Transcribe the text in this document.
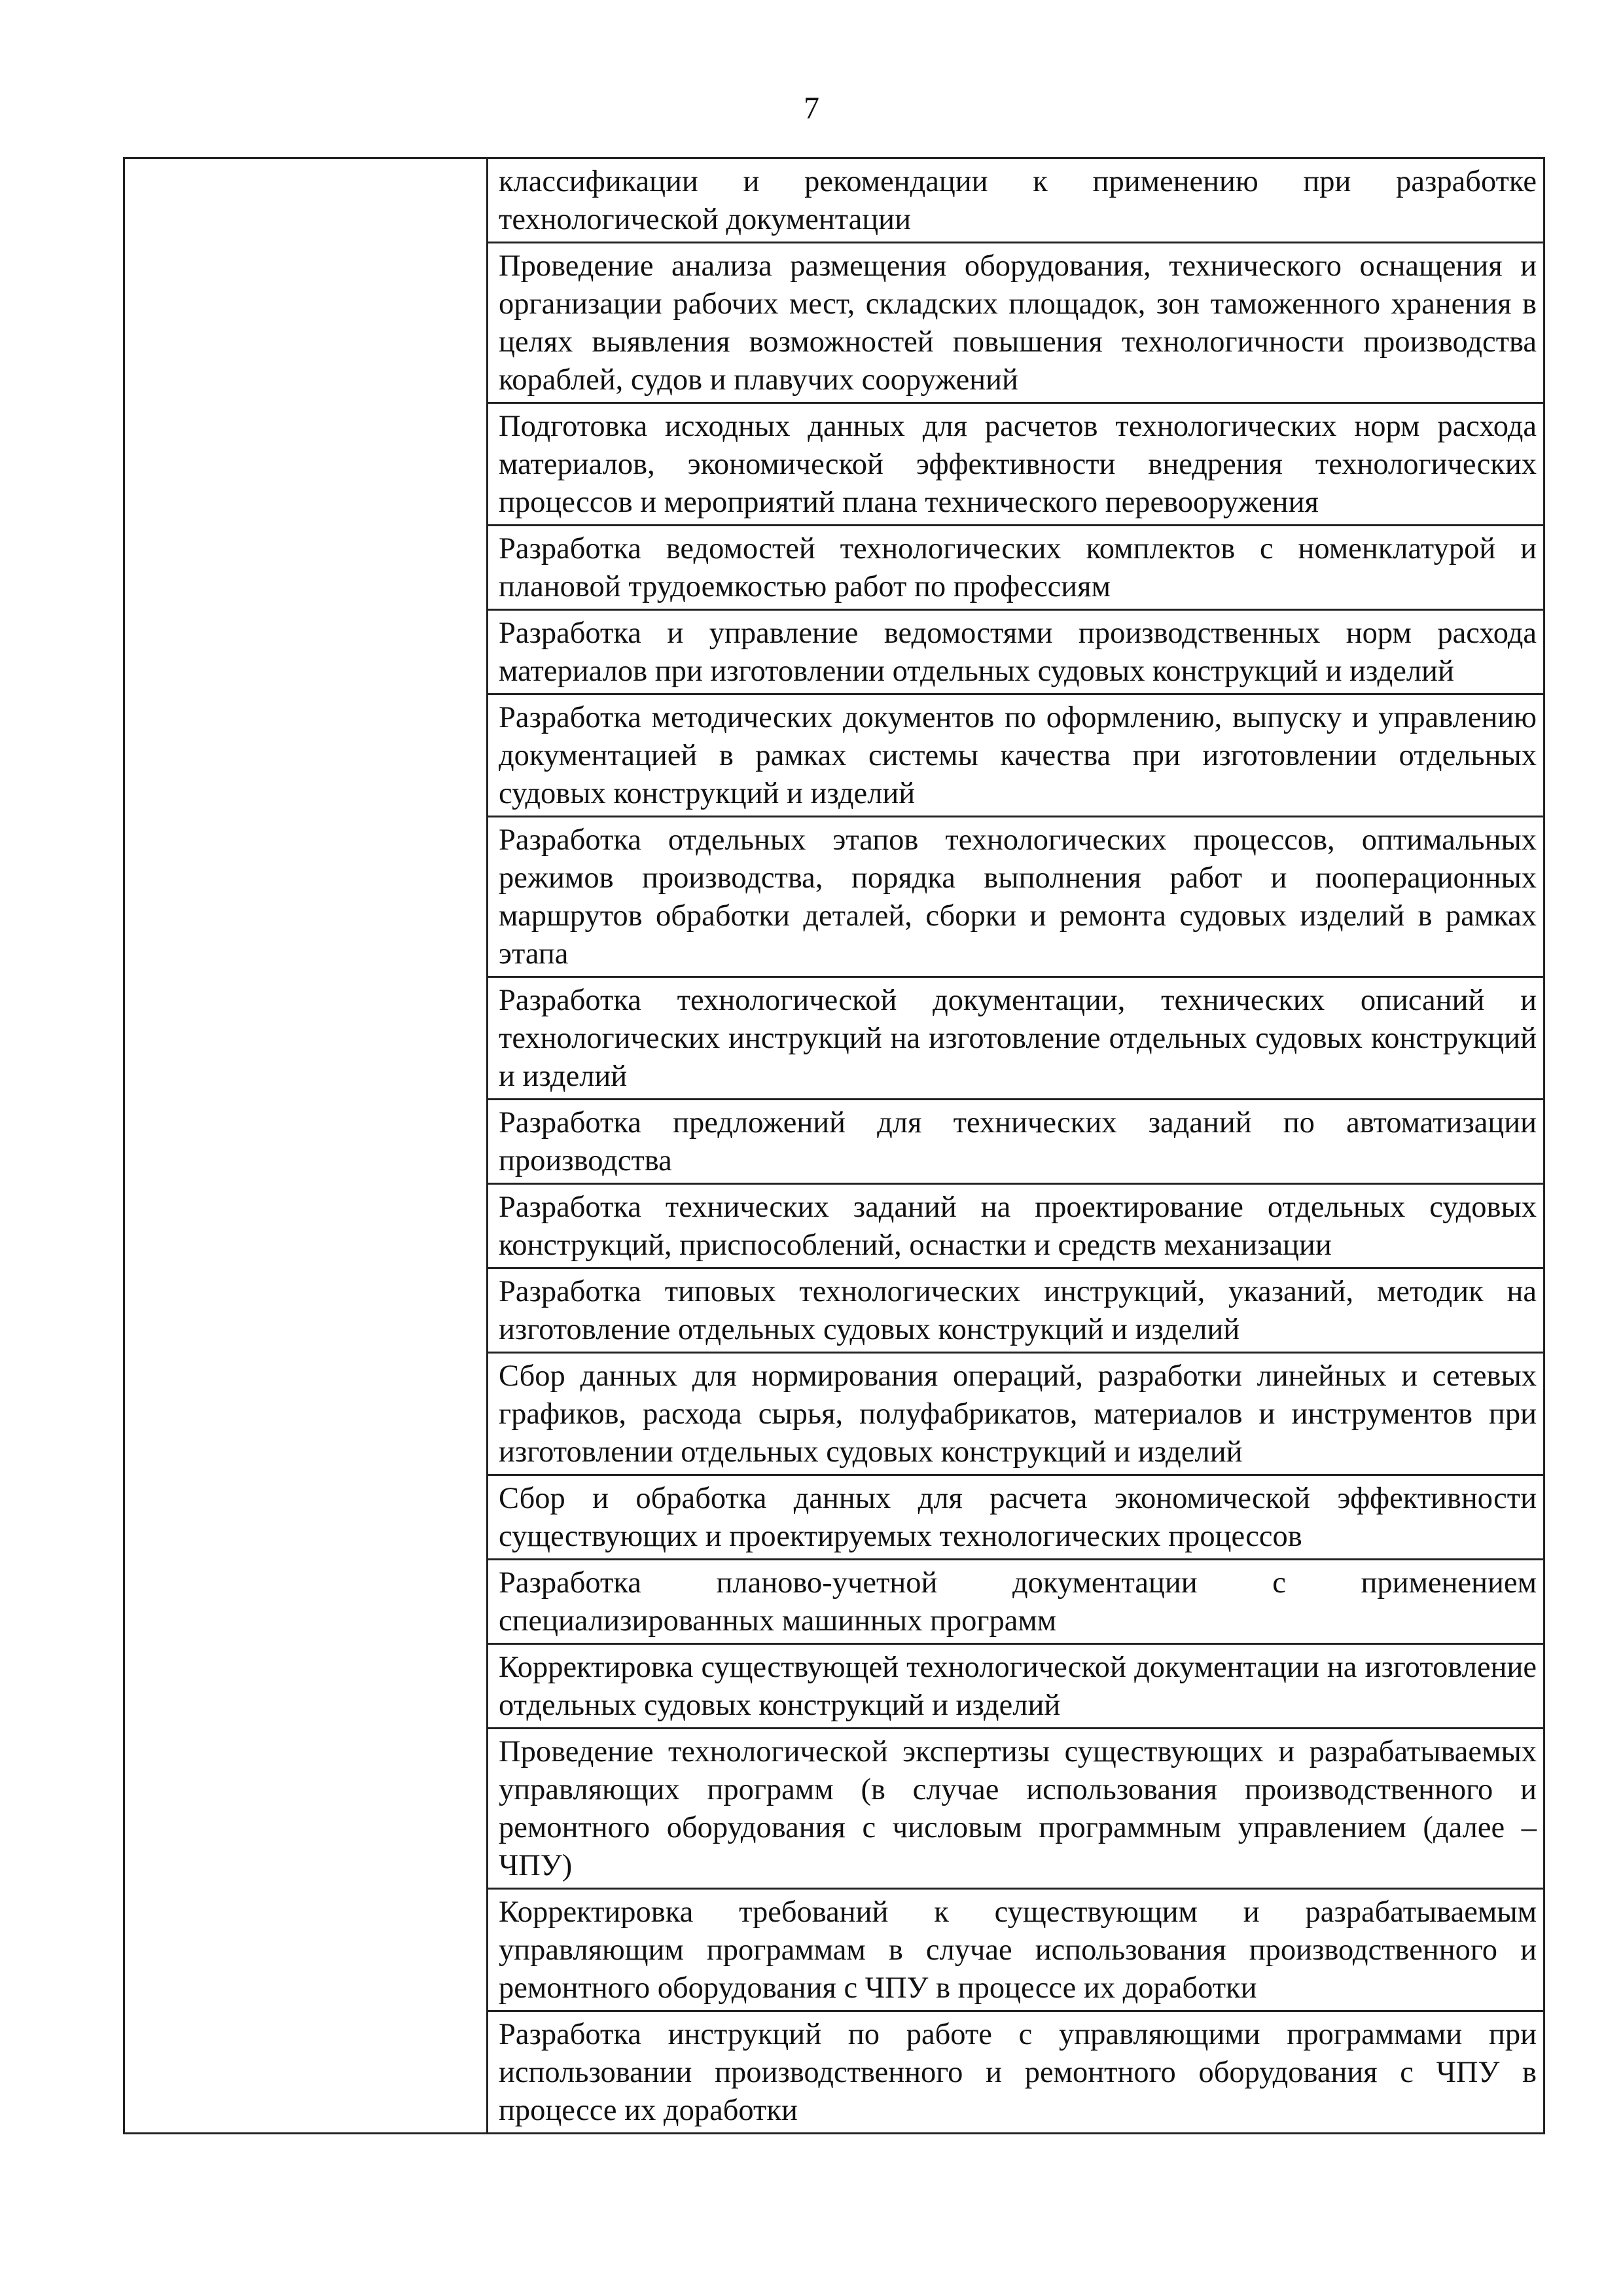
7

классификации и рекомендации к применению при разработке технологической документации

Проведение анализа размещения оборудования, технического оснащения и организации рабочих мест, складских площадок, зон таможенного хранения в целях выявления возможностей повышения технологичности производства кораблей, судов и плавучих сооружений

Подготовка исходных данных для расчетов технологических норм расхода материалов, экономической эффективности внедрения технологических процессов и мероприятий плана технического перевооружения

Разработка ведомостей технологических комплектов с номенклатурой и плановой трудоемкостью работ по профессиям

Разработка и управление ведомостями производственных норм расхода материалов при изготовлении отдельных судовых конструкций и изделий

Разработка методических документов по оформлению, выпуску и управлению документацией в рамках системы качества при изготовлении отдельных судовых конструкций и изделий

Разработка отдельных этапов технологических процессов, оптимальных режимов производства, порядка выполнения работ и пооперационных маршрутов обработки деталей, сборки и ремонта судовых изделий в рамках этапа

Разработка технологической документации, технических описаний и технологических инструкций на изготовление отдельных судовых конструкций и изделий

Разработка предложений для технических заданий по автоматизации производства

Разработка технических заданий на проектирование отдельных судовых конструкций, приспособлений, оснастки и средств механизации

Разработка типовых технологических инструкций, указаний, методик на изготовление отдельных судовых конструкций и изделий

Сбор данных для нормирования операций, разработки линейных и сетевых графиков, расхода сырья, полуфабрикатов, материалов и инструментов при изготовлении отдельных судовых конструкций и изделий

Сбор и обработка данных для расчета экономической эффективности существующих и проектируемых технологических процессов

Разработка планово-учетной документации с применением специализированных машинных программ

Корректировка существующей технологической документации на изготовление отдельных судовых конструкций и изделий

Проведение технологической экспертизы существующих и разрабатываемых управляющих программ (в случае использования производственного и ремонтного оборудования с числовым программным управлением (далее – ЧПУ)

Корректировка требований к существующим и разрабатываемым управляющим программам в случае использования производственного и ремонтного оборудования с ЧПУ в процессе их доработки

Разработка инструкций по работе с управляющими программами при использовании производственного и ремонтного оборудования с ЧПУ в процессе их доработки
